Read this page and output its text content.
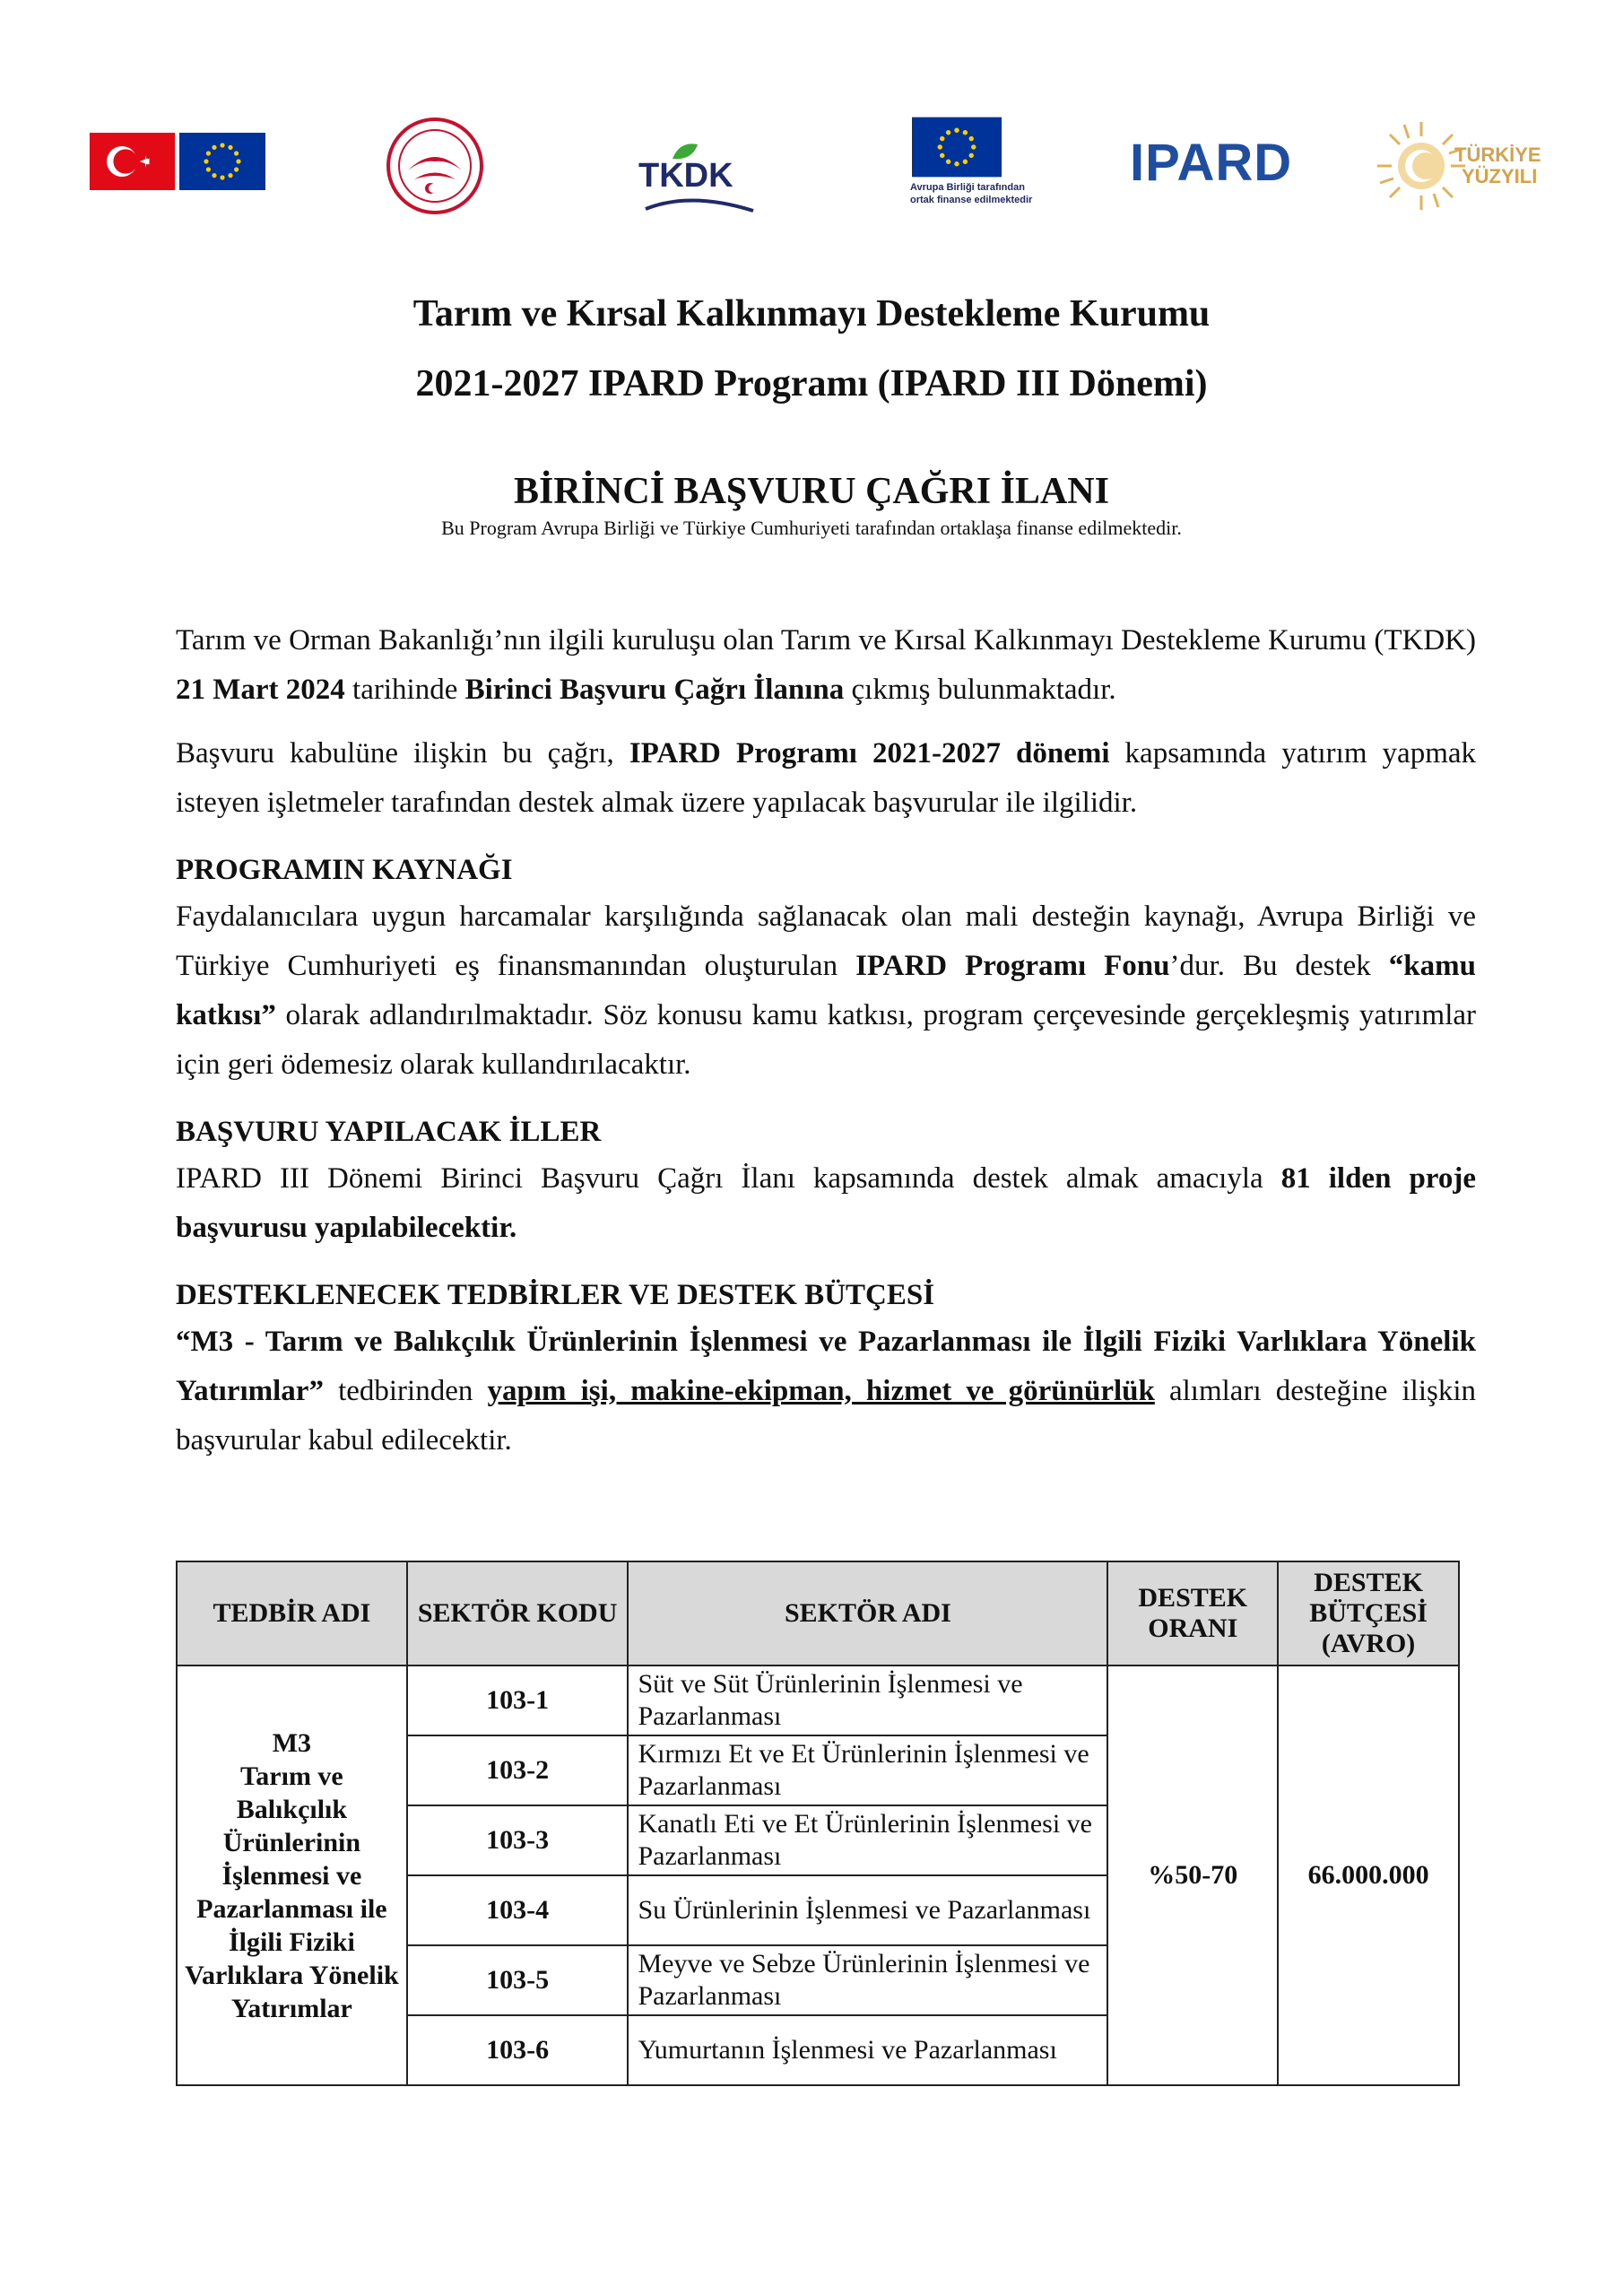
TKDK	Avrupa Birliği tarafından ortak finanse edilmektedir
IPARD	TÜRKİYE
YÜZYILI
Tarım ve Kırsal Kalkınmayı Destekleme Kurumu
2021-2027 IPARD Programı (IPARD III Dönemi)
BİRİNCİ BAŞVURU ÇAĞRI İLANI

Bu Program Avrupa Birliği ve Türkiye Cumhuriyeti tarafından ortaklaşa finanse edilmektedir.

Tarım ve Orman Bakanlığı’nın ilgili kuruluşu olan Tarım ve Kırsal Kalkınmayı Destekleme Kurumu (TKDK) 21 Mart 2024 tarihinde Birinci Başvuru Çağrı İlanına çıkmış bulunmaktadır.

Başvuru kabulüne ilişkin bu çağrı, IPARD Programı 2021-2027 dönemi kapsamında yatırım yapmak isteyen işletmeler tarafından destek almak üzere yapılacak başvurular ile ilgilidir.

PROGRAMIN KAYNAĞI

Faydalanıcılara uygun harcamalar karşılığında sağlanacak olan mali desteğin kaynağı, Avrupa Birliği ve Türkiye Cumhuriyeti eş finansmanından oluşturulan IPARD Programı Fonu’dur. Bu destek “kamu katkısı” olarak adlandırılmaktadır. Söz konusu kamu katkısı, program çerçevesinde gerçekleşmiş yatırımlar için geri ödemesiz olarak kullandırılacaktır.

BAŞVURU YAPILACAK İLLER

IPARD III Dönemi Birinci Başvuru Çağrı İlanı kapsamında destek almak amacıyla 81 ilden proje başvurusu yapılabilecektir.

DESTEKLENECEK TEDBİRLER VE DESTEK BÜTÇESİ

“M3 - Tarım ve Balıkçılık Ürünlerinin İşlenmesi ve Pazarlanması ile İlgili Fiziki Varlıklara Yönelik Yatırımlar” tedbirinden yapım işi, makine-ekipman, hizmet ve görünürlük alımları desteğine ilişkin başvurular kabul edilecektir.

TEDBİR ADI	SEKTÖR KODU	SEKTÖR ADI	DESTEK ORANI	DESTEK BÜTÇESİ (AVRO)

M3
Tarım ve Balıkçılık Ürünlerinin İşlenmesi ve Pazarlanması ile İlgili Fiziki Varlıklara Yönelik Yatırımlar	103-1	Süt ve Süt Ürünlerinin İşlenmesi ve Pazarlanması	%50-70	66.000.000
	103-2	Kırmızı Et ve Et Ürünlerinin İşlenmesi ve Pazarlanması		
	103-3	Kanatlı Eti ve Et Ürünlerinin İşlenmesi ve Pazarlanması		
	103-4	Su Ürünlerinin İşlenmesi ve Pazarlanması		
	103-5	Meyve ve Sebze Ürünlerinin İşlenmesi ve Pazarlanması		
	103-6	Yumurtanın İşlenmesi ve Pazarlanması		
